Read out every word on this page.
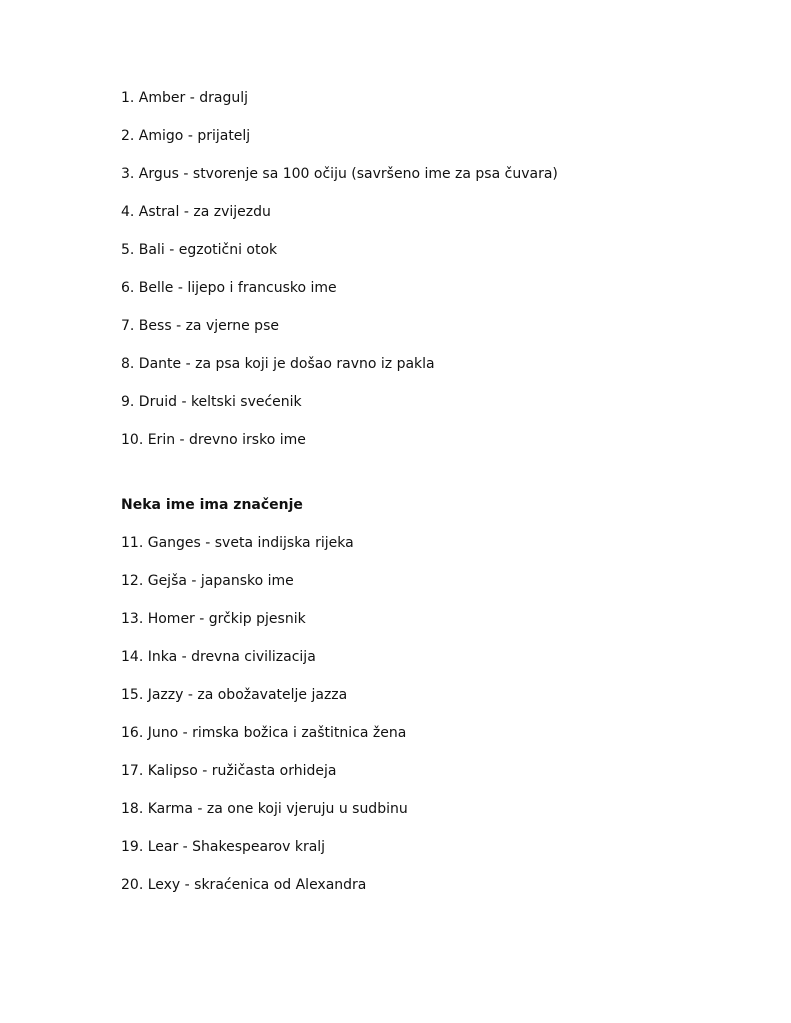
1. Amber - dragulj
2. Amigo - prijatelj
3. Argus - stvorenje sa 100 očiju (savršeno ime za psa čuvara)
4. Astral - za zvijezdu
5. Bali - egzotični otok
6. Belle - lijepo i francusko ime
7. Bess - za vjerne pse
8. Dante - za psa koji je došao ravno iz pakla
9. Druid - keltski svećenik
10. Erin - drevno irsko ime
Neka ime ima značenje
11. Ganges - sveta indijska rijeka
12. Gejša - japansko ime
13. Homer - grčkip pjesnik
14. Inka - drevna civilizacija
15. Jazzy - za obožavatelje jazza
16. Juno - rimska božica i zaštitnica žena
17. Kalipso - ružičasta orhideja
18. Karma - za one koji vjeruju u sudbinu
19. Lear - Shakespearov kralj
20. Lexy - skraćenica od Alexandra
